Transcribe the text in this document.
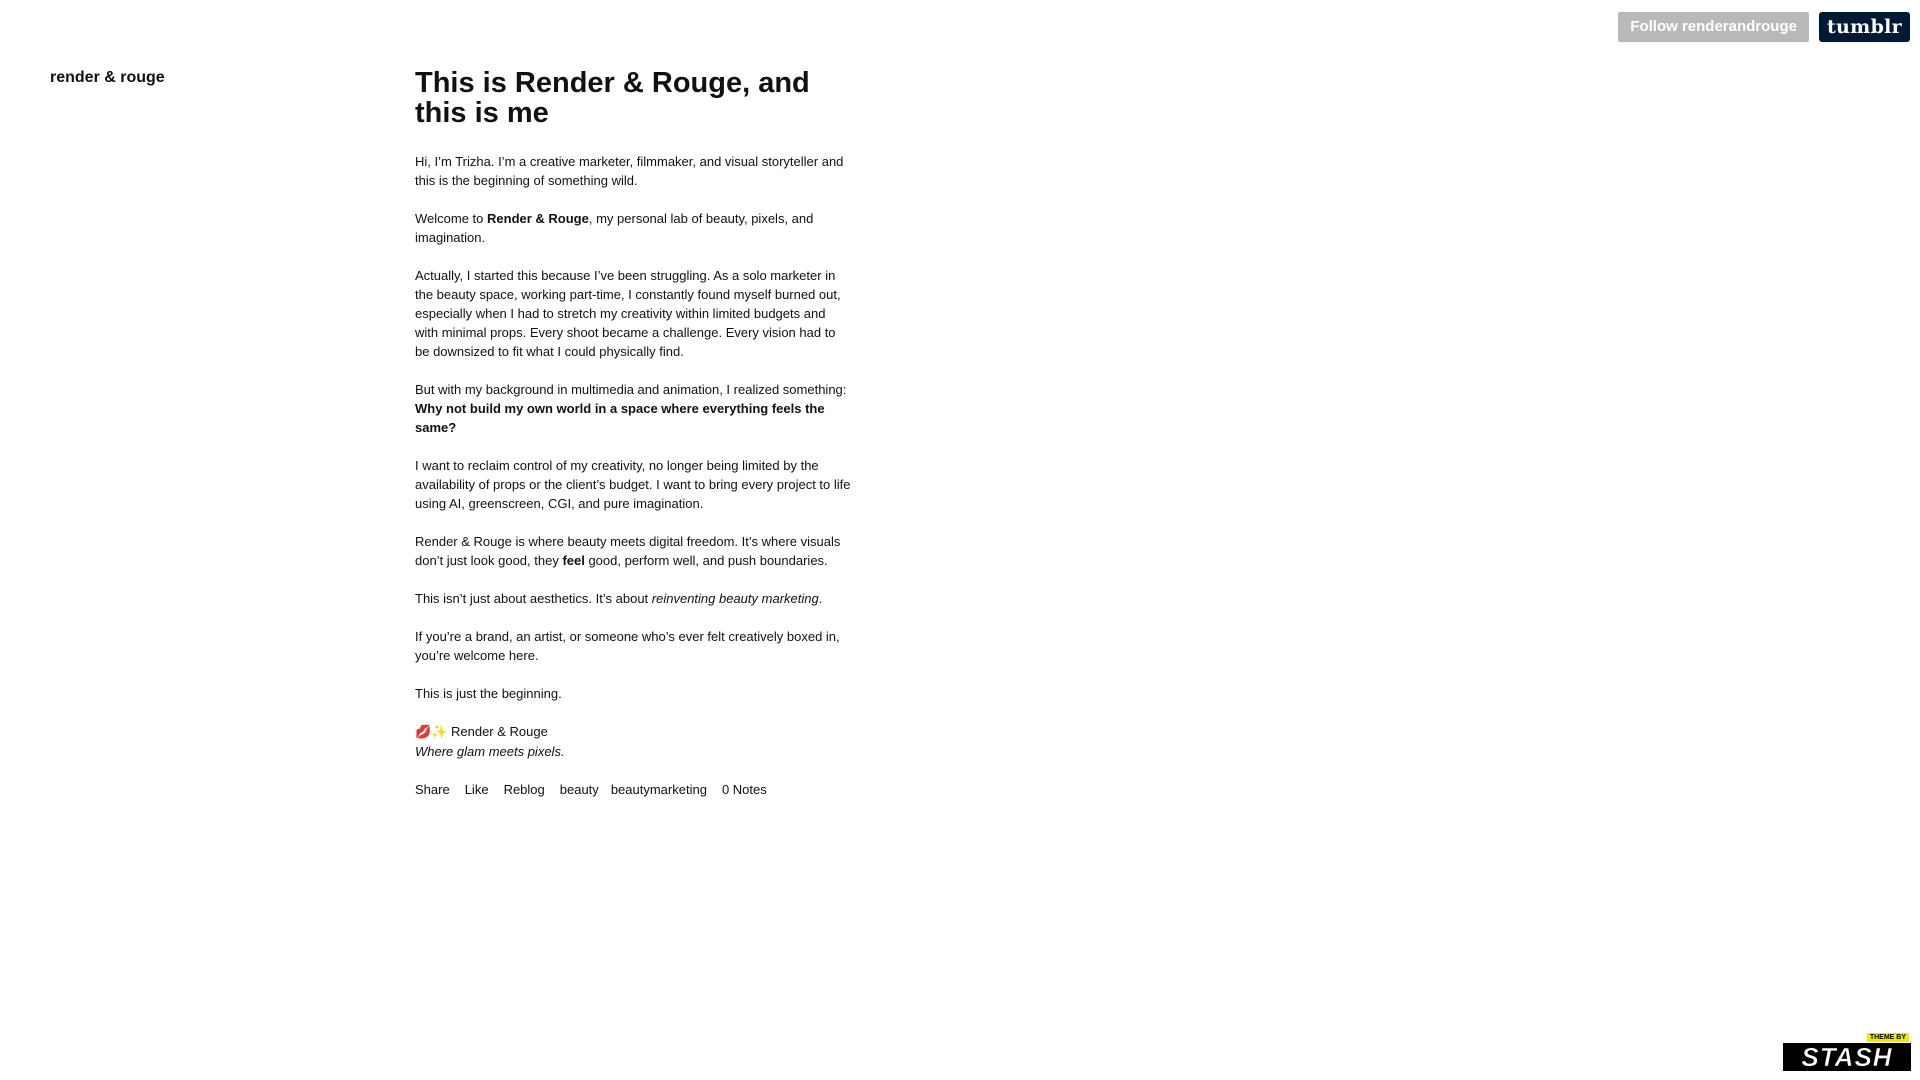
Follow renderandrouge	tumblr
render & rouge	This is Render & Rouge, and this is me

Hi, I’m Trizha. I’m a creative marketer, filmmaker, and visual storyteller and this is the beginning of something wild.

Welcome to Render & Rouge, my personal lab of beauty, pixels, and imagination.

Actually, I started this because I’ve been struggling. As a solo marketer in the beauty space, working part-time, I constantly found myself burned out, especially when I had to stretch my creativity within limited budgets and with minimal props. Every shoot became a challenge. Every vision had to be downsized to fit what I could physically find.

But with my background in multimedia and animation, I realized something: Why not build my own world in a space where everything feels the same?

I want to reclaim control of my creativity, no longer being limited by the availability of props or the client’s budget. I want to bring every project to life using AI, greenscreen, CGI, and pure imagination.

Render & Rouge is where beauty meets digital freedom. It’s where visuals don’t just look good, they feel good, perform well, and push boundaries.

This isn’t just about aesthetics. It’s about reinventing beauty marketing.

If you’re a brand, an artist, or someone who’s ever felt creatively boxed in, you’re welcome here.

This is just the beginning.

💋✨ Render & Rouge
Where glam meets pixels.

Share Like Reblog beauty beautymarketing 0 Notes
THEME BY
STASH
